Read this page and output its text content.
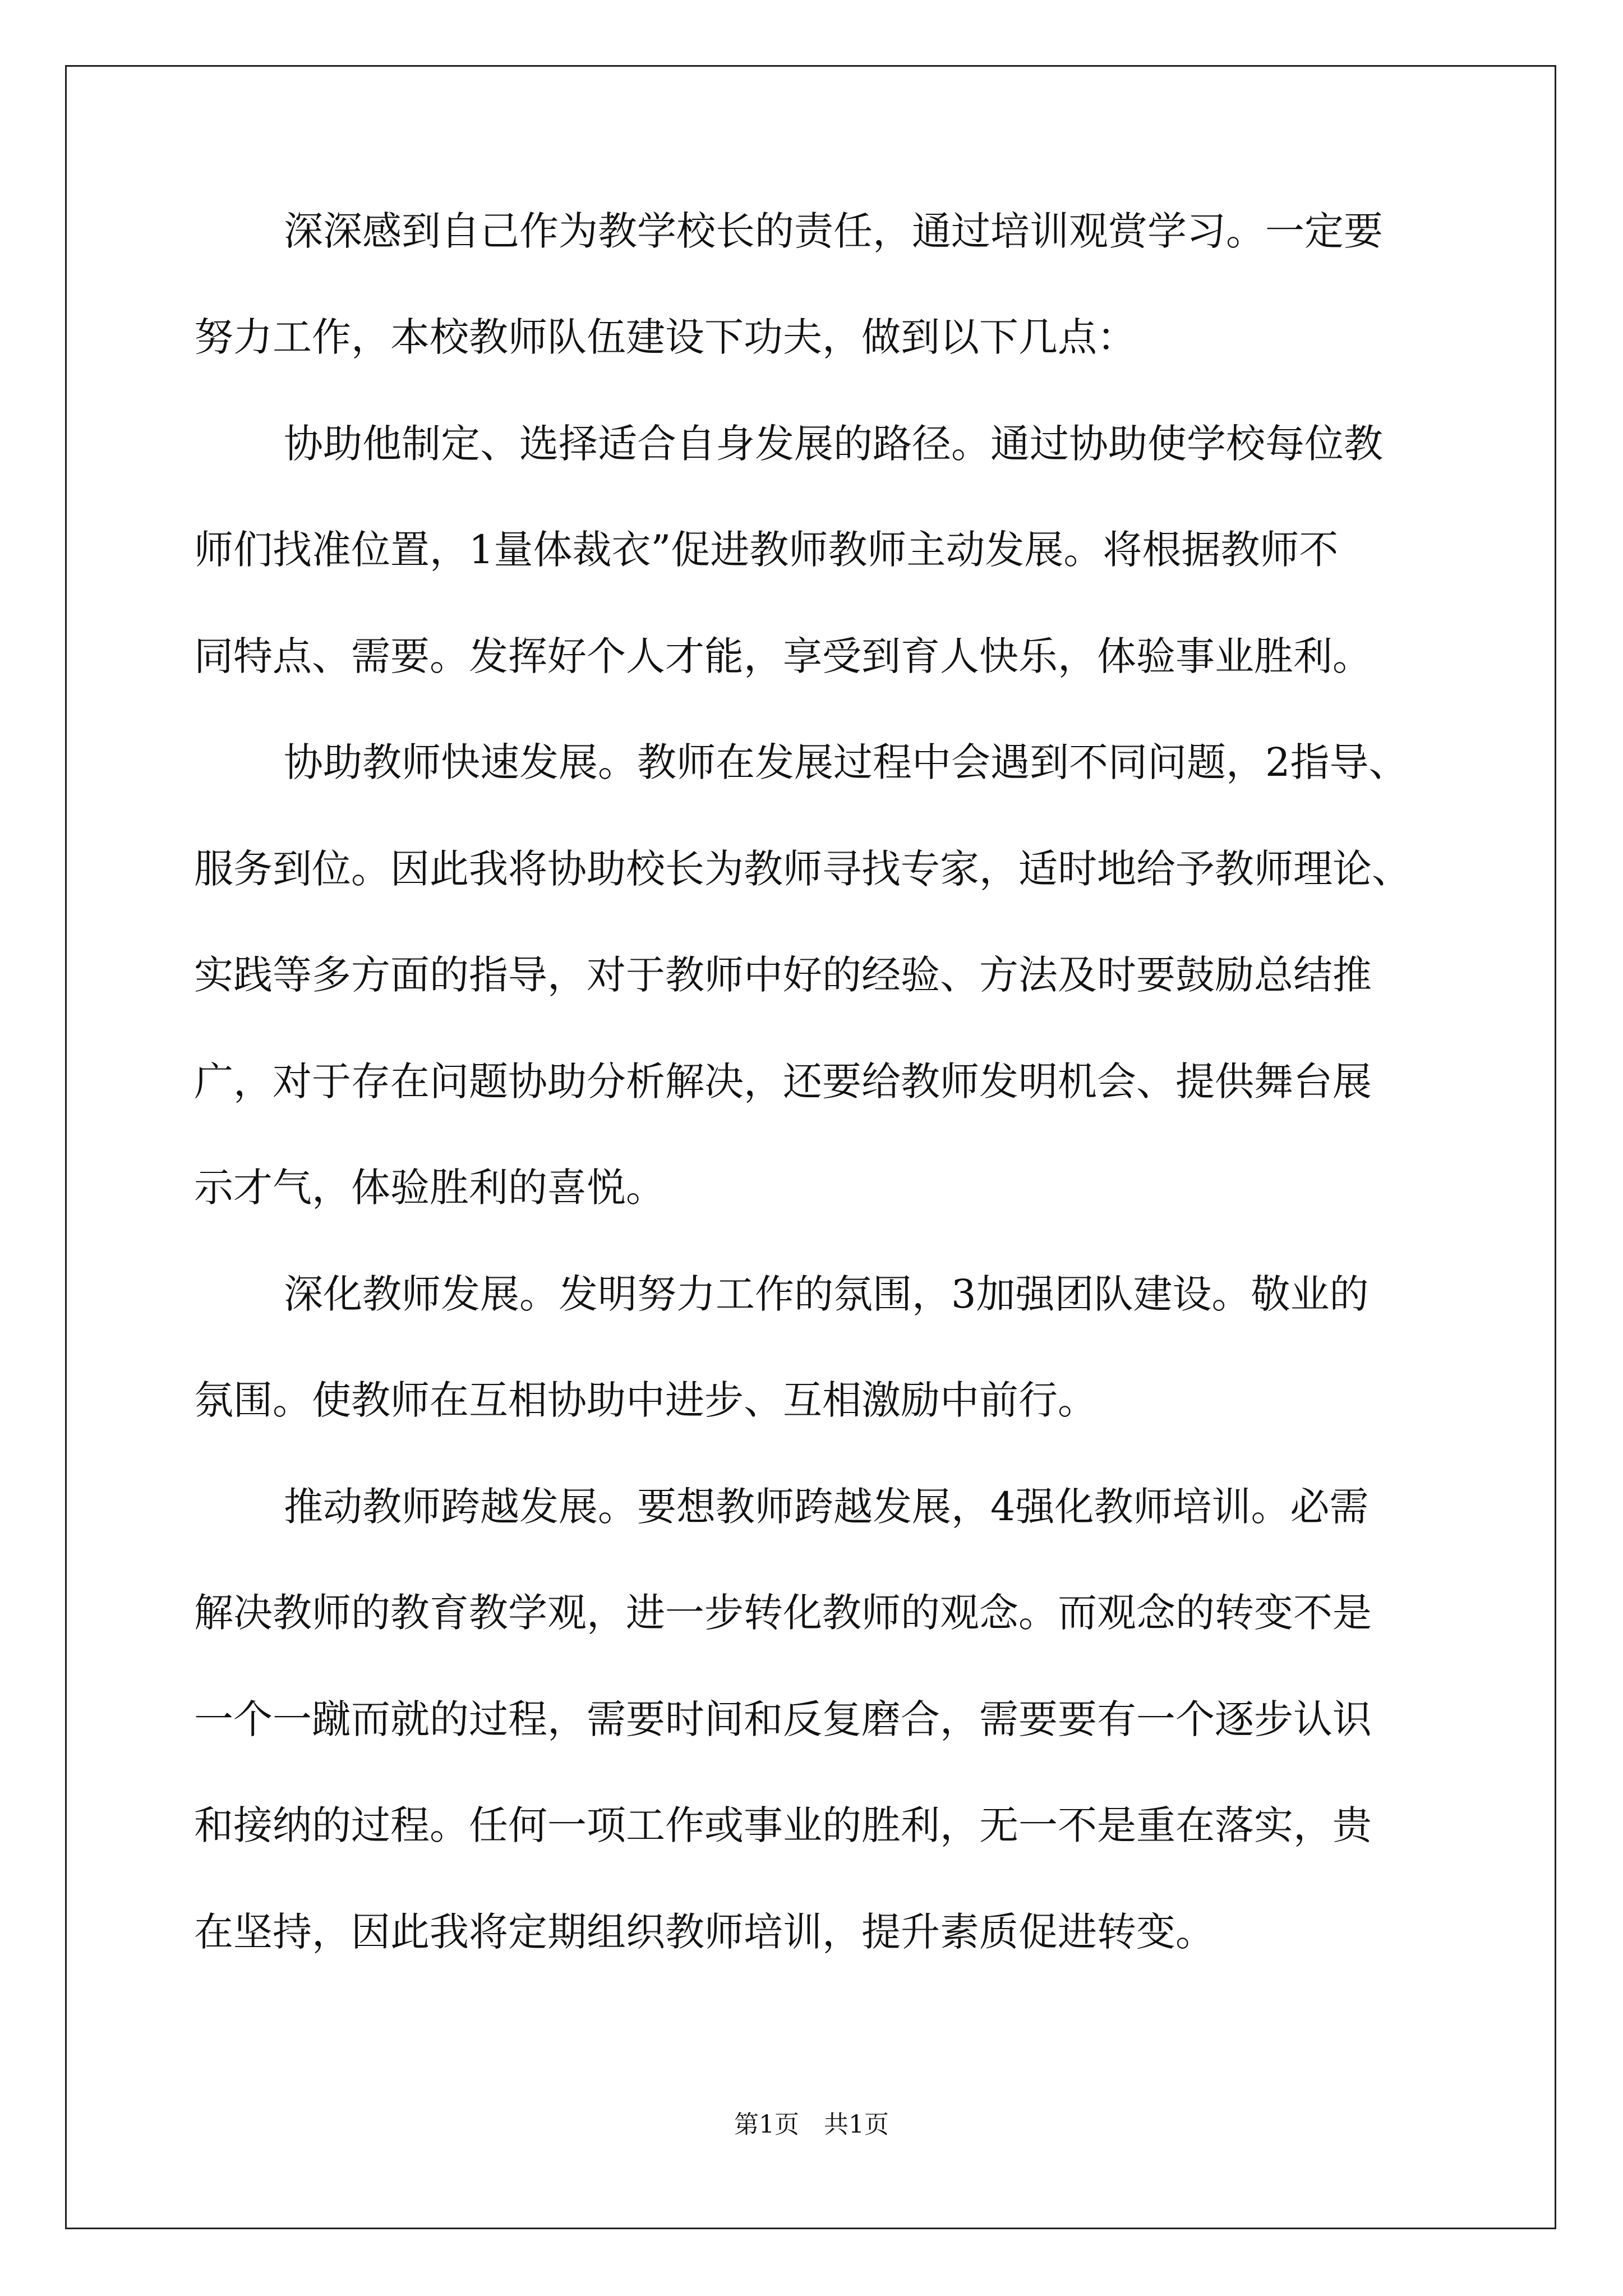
深深感到自己作为教学校长的责任，通过培训观赏学习。一定要
努力工作，本校教师队伍建设下功夫，做到以下几点：
协助他制定、选择适合自身发展的路径。通过协助使学校每位教
师们找准位置，1量体裁衣”促进教师教师主动发展。将根据教师不
同特点、需要。发挥好个人才能，享受到育人快乐，体验事业胜利。
协助教师快速发展。教师在发展过程中会遇到不同问题，2指导、
服务到位。因此我将协助校长为教师寻找专家，适时地给予教师理论、
实践等多方面的指导，对于教师中好的经验、方法及时要鼓励总结推
广，对于存在问题协助分析解决，还要给教师发明机会、提供舞台展
示才气，体验胜利的喜悦。
深化教师发展。发明努力工作的氛围，3加强团队建设。敬业的
氛围。使教师在互相协助中进步、互相激励中前行。
推动教师跨越发展。要想教师跨越发展，4强化教师培训。必需
解决教师的教育教学观，进一步转化教师的观念。而观念的转变不是
一个一蹴而就的过程，需要时间和反复磨合，需要要有一个逐步认识
和接纳的过程。任何一项工作或事业的胜利，无一不是重在落实，贵
在坚持，因此我将定期组织教师培训，提升素质促进转变。
第1页　共1页
